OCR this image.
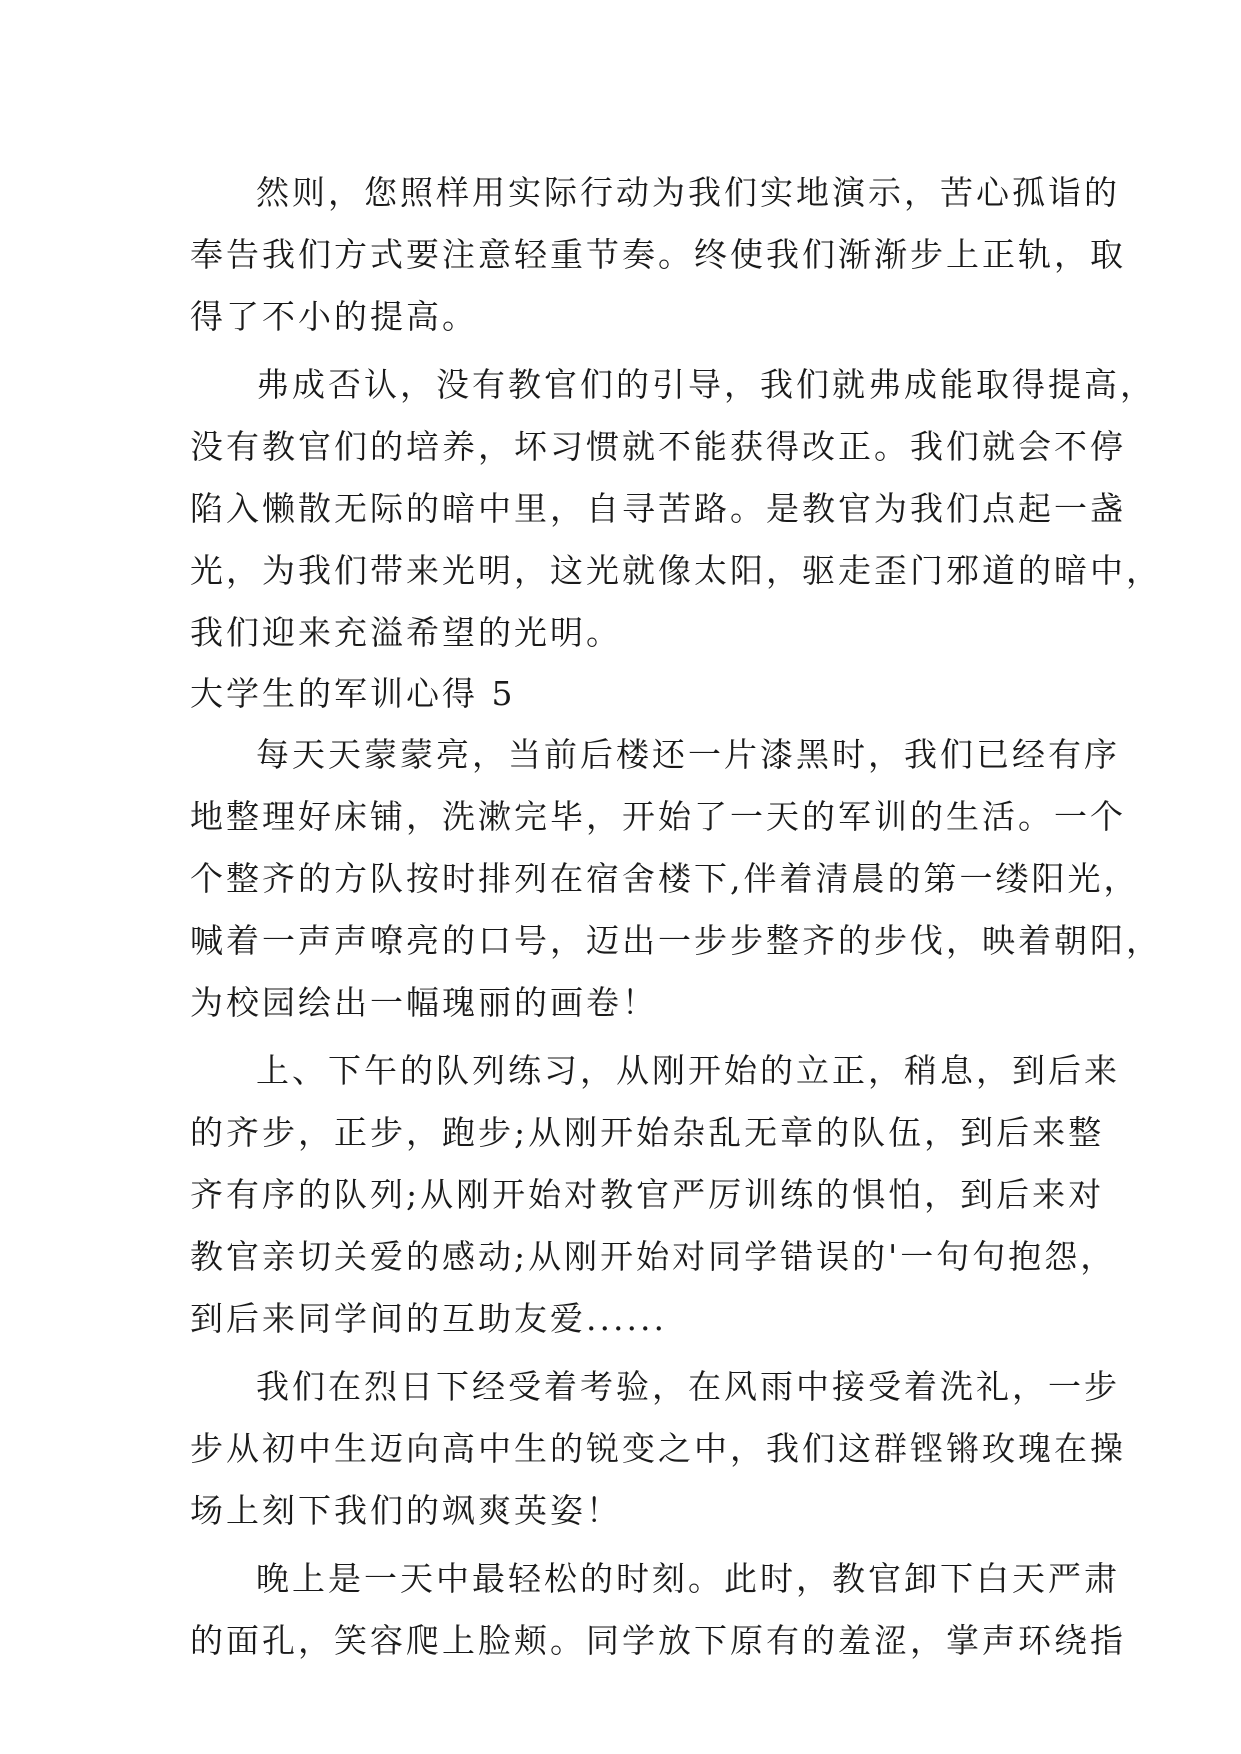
然则，您照样用实际行动为我们实地演示，苦心孤诣的
奉告我们方式要注意轻重节奏。终使我们渐渐步上正轨，取
得了不小的提高。
弗成否认，没有教官们的引导，我们就弗成能取得提高，
没有教官们的培养，坏习惯就不能获得改正。我们就会不停
陷入懒散无际的暗中里，自寻苦路。是教官为我们点起一盏
光，为我们带来光明，这光就像太阳，驱走歪门邪道的暗中，
我们迎来充溢希望的光明。
大学生的军训心得 5
每天天蒙蒙亮，当前后楼还一片漆黑时，我们已经有序
地整理好床铺，洗漱完毕，开始了一天的军训的生活。一个
个整齐的方队按时排列在宿舍楼下,伴着清晨的第一缕阳光，
喊着一声声嘹亮的口号，迈出一步步整齐的步伐，映着朝阳，
为校园绘出一幅瑰丽的画卷！
上、下午的队列练习，从刚开始的立正，稍息，到后来
的齐步，正步，跑步;从刚开始杂乱无章的队伍，到后来整
齐有序的队列;从刚开始对教官严厉训练的惧怕，到后来对
教官亲切关爱的感动;从刚开始对同学错误的'一句句抱怨，
到后来同学间的互助友爱......
我们在烈日下经受着考验，在风雨中接受着洗礼，一步
步从初中生迈向高中生的锐变之中，我们这群铿锵玫瑰在操
场上刻下我们的飒爽英姿！
晚上是一天中最轻松的时刻。此时，教官卸下白天严肃
的面孔，笑容爬上脸颊。同学放下原有的羞涩，掌声环绕指
